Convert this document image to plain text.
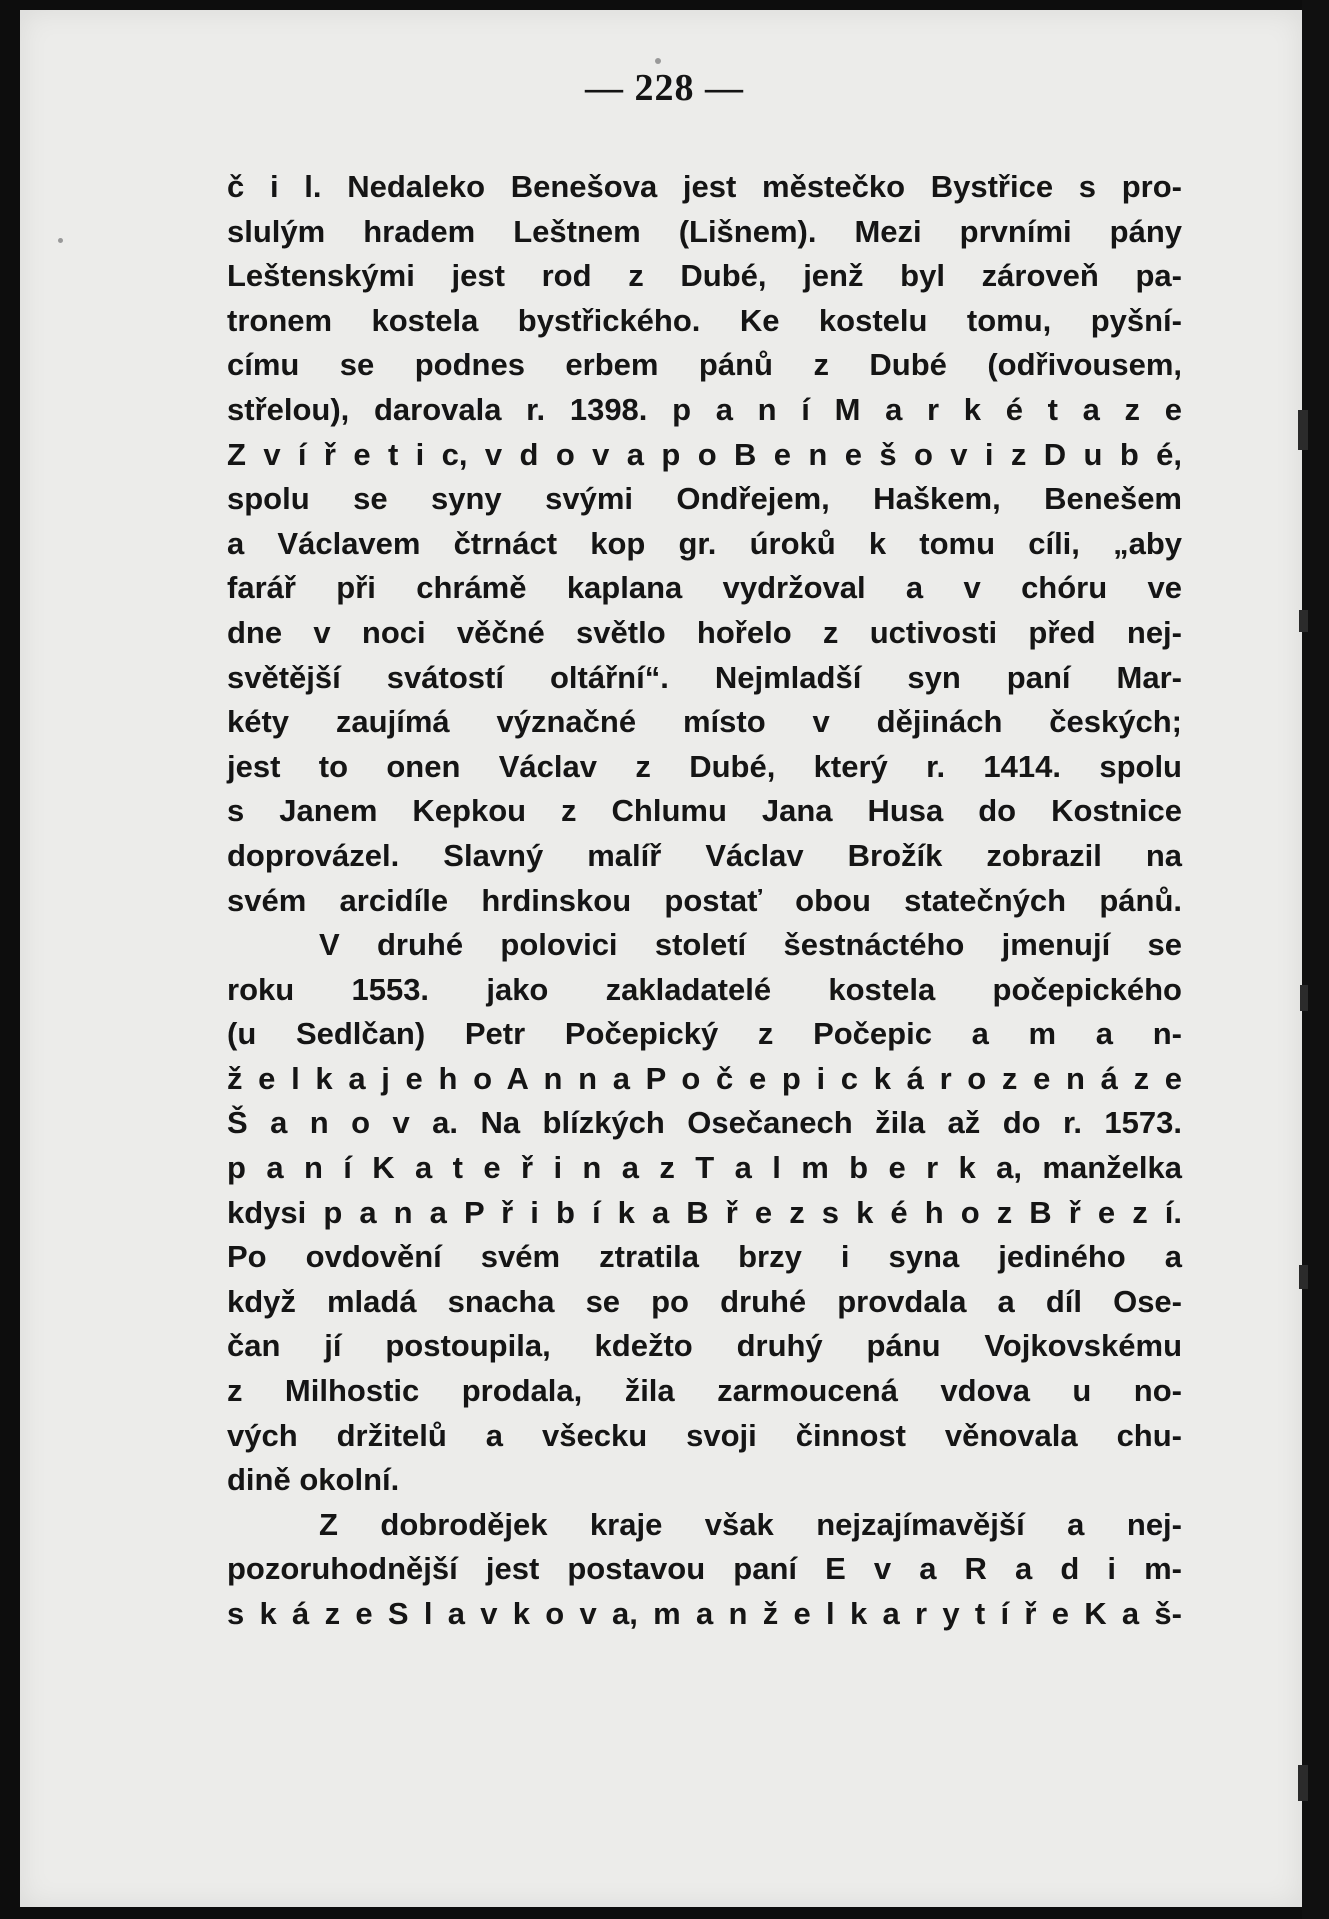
— 228 —
č i l. Nedaleko Benešova jest městečko Bystřice s pro-
slulým hradem Leštnem (Lišnem). Mezi prvními pány
Leštenskými jest rod z Dubé, jenž byl zároveň pa-
tronem kostela bystřického. Ke kostelu tomu, pyšní-
címu se podnes erbem pánů z Dubé (odřivousem,
střelou), darovala r. 1398. p a n í M a r k é t a z e
Z v í ř e t i c, v d o v a p o B e n e š o v i z D u b é,
spolu se syny svými Ondřejem, Haškem, Benešem
a Václavem čtrnáct kop gr. úroků k tomu cíli, „aby
farář při chrámě kaplana vydržoval a v chóru ve
dne v noci věčné světlo hořelo z uctivosti před nej-
světější svátostí oltářní“. Nejmladší syn paní Mar-
kéty zaujímá význačné místo v dějinách českých;
jest to onen Václav z Dubé, který r. 1414. spolu
s Janem Kepkou z Chlumu Jana Husa do Kostnice
doprovázel. Slavný malíř Václav Brožík zobrazil na
svém arcidíle hrdinskou postať obou statečných pánů.
V druhé polovici století šestnáctého jmenují se
roku 1553. jako zakladatelé kostela počepického
(u Sedlčan) Petr Počepický z Počepic a m a n-
ž e l k a j e h o A n n a P o č e p i c k á r o z e n á z e
Š a n o v a. Na blízkých Osečanech žila až do r. 1573.
p a n í K a t e ř i n a z T a l m b e r k a, manželka
kdysi p a n a P ř i b í k a B ř e z s k é h o z B ř e z í.
Po ovdovění svém ztratila brzy i syna jediného a
když mladá snacha se po druhé provdala a díl Ose-
čan jí postoupila, kdežto druhý pánu Vojkovskému
z Milhostic prodala, žila zarmoucená vdova u no-
vých držitelů a všecku svoji činnost věnovala chu-
dině okolní.
Z dobrodějek kraje však nejzajímavější a nej-
pozoruhodnější jest postavou paní E v a R a d i m-
s k á z e S l a v k o v a, m a n ž e l k a r y t í ř e K a š-
